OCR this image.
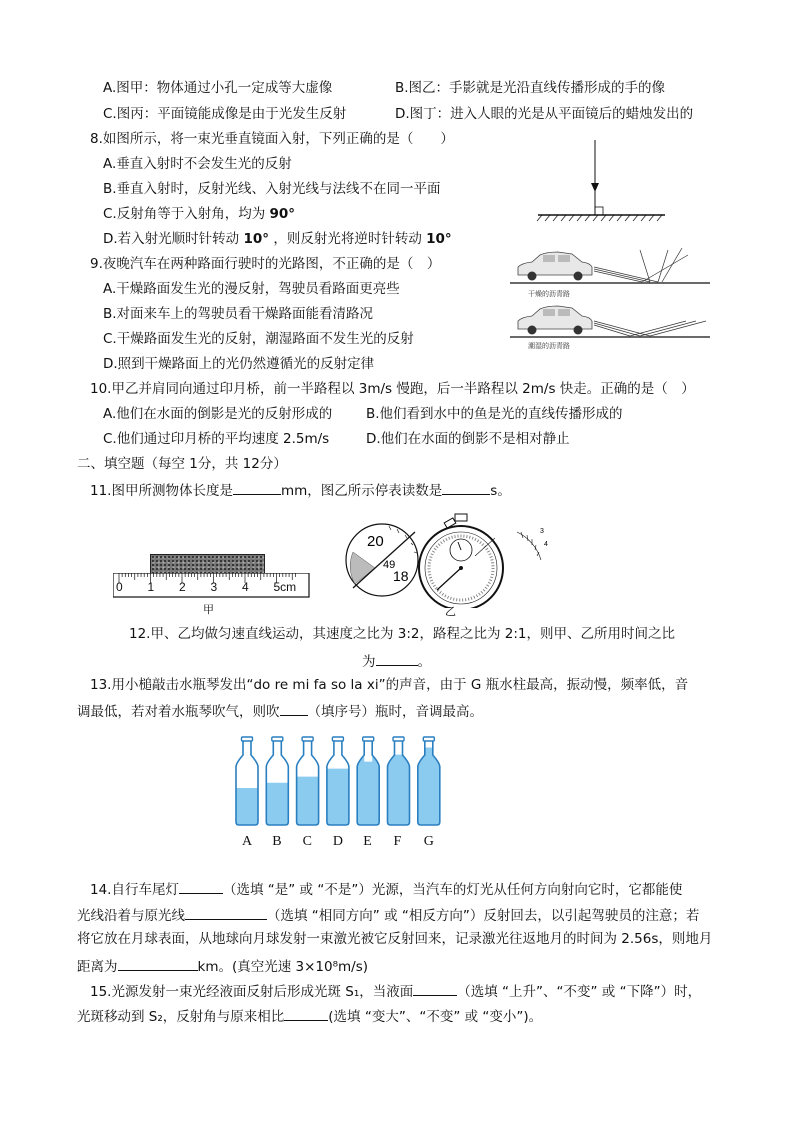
A.图甲：物体通过小孔一定成等大虚像	B.图乙：手影就是光沿直线传播形成的手的像
C.图丙：平面镜能成像是由于光发生反射	D.图丁：进入人眼的光是从平面镜后的蜡烛发出的
8.如图所示，将一束光垂直镜面入射，下列正确的是（　　）
A.垂直入射时不会发生光的反射
B.垂直入射时，反射光线、入射光线与法线不在同一平面
C.反射角等于入射角，均为 90°
D.若入射光顺时针转动 10° ，则反射光将逆时针转动 10°
9.夜晚汽车在两种路面行驶时的光路图，不正确的是（　）
A.干燥路面发生光的漫反射，驾驶员看路面更亮些
B.对面来车上的驾驶员看干燥路面能看清路况
C.干燥路面发生光的反射，潮湿路面不发生光的反射
D.照到干燥路面上的光仍然遵循光的反射定律
干燥的沥青路
潮湿的沥青路
10.甲乙并肩同向通过印月桥，前一半路程以 3m/s 慢跑，后一半路程以 2m/s 快走。正确的是（　）
A.他们在水面的倒影是光的反射形成的 B.他们看到水中的鱼是光的直线传播形成的
C.他们通过印月桥的平均速度 2.5m/s	D.他们在水面的倒影不是相对静止
二、填空题（每空 1分，共 12分）
11.图甲所测物体长度是	mm，图乙所示停表读数是	s。
0 1 2 3 4 5cm
甲
20
49
18
3
4
乙
12.甲、乙均做匀速直线运动，其速度之比为 3:2，路程之比为 2:1，则甲、乙所用时间之比
为	。
13.用小槌敲击水瓶琴发出“do re mi fa so la xi”的声音，由于 G 瓶水柱最高，振动慢，频率低，音
调最低，若对着水瓶琴吹气，则吹 （填序号）瓶时，音调最高。
A B C D E F G
14.自行车尾灯	（选填 “是” 或 “不是”）光源，当汽车的灯光从任何方向射向它时，它都能使
光线沿着与原光线	（选填 “相同方向” 或 “相反方向”）反射回去，以引起驾驶员的注意；若
将它放在月球表面，从地球向月球发射一束激光被它反射回来，记录激光往返地月的时间为 2.56s，则地月
距离为	km。(真空光速 3×10⁸m/s)
15.光源发射一束光经液面反射后形成光斑 S₁，当液面	（选填 “上升”、“不变” 或 “下降”）时，
光斑移动到 S₂，反射角与原来相比	(选填 “变大”、“不变” 或 “变小”)。
